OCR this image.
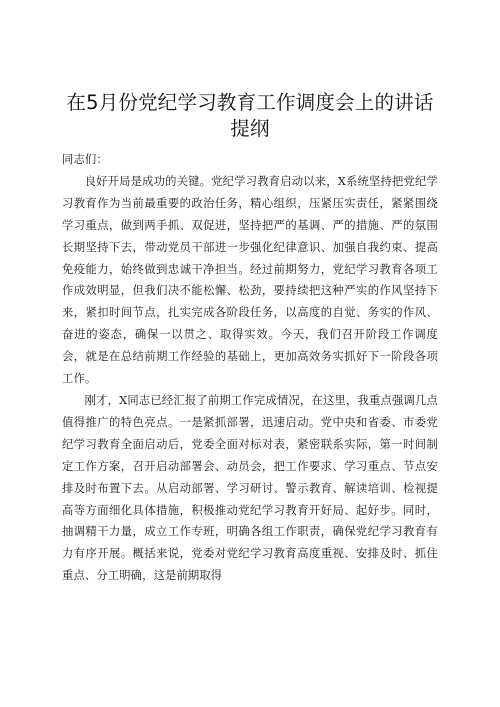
在5月份党纪学习教育工作调度会上的讲话提纲

同志们：

良好开局是成功的关键。党纪学习教育启动以来，X系统坚持把党纪学习教育作为当前最重要的政治任务，精心组织，压紧压实责任，紧紧围绕学习重点，做到两手抓、双促进，坚持把严的基调、严的措施、严的氛围长期坚持下去，带动党员干部进一步强化纪律意识、加强自我约束、提高免疫能力，始终做到忠诚干净担当。经过前期努力，党纪学习教育各项工作成效明显，但我们决不能松懈、松劲，要持续把这种严实的作风坚持下来，紧扣时间节点，扎实完成各阶段任务，以高度的自觉、务实的作风、奋进的姿态，确保一以贯之、取得实效。今天，我们召开阶段工作调度会，就是在总结前期工作经验的基础上，更加高效务实抓好下一阶段各项工作。

刚才，X同志已经汇报了前期工作完成情况，在这里，我重点强调几点值得推广的特色亮点。一是紧抓部署，迅速启动。党中央和省委、市委党纪学习教育全面启动后，党委全面对标对表，紧密联系实际，第一时间制定工作方案，召开启动部署会、动员会，把工作要求、学习重点、节点安排及时布置下去。从启动部署、学习研讨、警示教育、解读培训、检视提高等方面细化具体措施，积极推动党纪学习教育开好局、起好步。同时，抽调精干力量，成立工作专班，明确各组工作职责，确保党纪学习教育有力有序开展。概括来说，党委对党纪学习教育高度重视、安排及时、抓住重点、分工明确，这是前期取得
